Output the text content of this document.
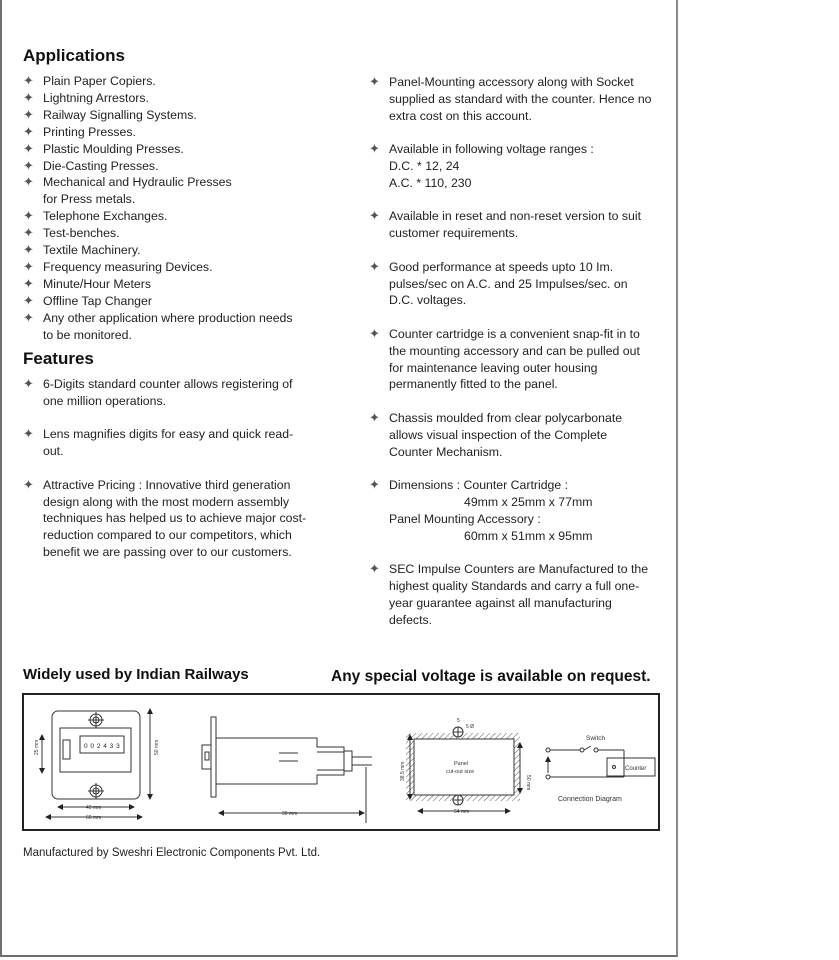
Applications
✦ Plain Paper Copiers.
✦ Lightning Arrestors.
✦ Railway Signalling Systems.
✦ Printing Presses.
✦ Plastic Moulding Presses.
✦ Die-Casting Presses.
✦ Mechanical and Hydraulic Presses
for Press metals.
✦ Telephone Exchanges.
✦ Test-benches.
✦ Textile Machinery.
✦ Frequency measuring Devices.
✦ Minute/Hour Meters
✦ Offline Tap Changer
✦ Any other application where production needs
to be monitored.
Features
✦ 6-Digits standard counter allows registering of
one million operations.
✦ Lens magnifies digits for easy and quick read-
out.
✦ Attractive Pricing : Innovative third generation
design along with the most modern assembly
techniques has helped us to achieve major cost-
reduction compared to our competitors, which
benefit we are passing over to our customers.
✦ Panel-Mounting accessory along with Socket
supplied as standard with the counter. Hence no
extra cost on this account.
✦ Available in following voltage ranges :
D.C. * 12, 24
A.C. * 110, 230
✦ Available in reset and non-reset version to suit
customer requirements.
✦ Good performance at speeds upto 10 Im.
pulses/sec on A.C. and 25 Impulses/sec. on
D.C. voltages.
✦ Counter cartridge is a convenient snap-fit in to
the mounting accessory and can be pulled out
for maintenance leaving outer housing
permanently fitted to the panel.
✦ Chassis moulded from clear polycarbonate
allows visual inspection of the Complete
Counter Mechanism.
✦ Dimensions : Counter Cartridge :
49mm x 25mm x 77mm
Panel Mounting Accessory :
60mm x 51mm x 95mm
✦ SEC Impulse Counters are Manufactured to the
highest quality Standards and carry a full one-
year guarantee against all manufacturing
defects.
Widely used by Indian Railways	Any special voltage is available on request.
0 0 2 4 3 3
25 mm	50 mm
49 mm
60 mm
90 mm
Panel
cut-out size
5
5 Ø
38.5 mm
50 mm
54 mm
Switch
Counter
Connection Diagram
Manufactured by Sweshri Electronic Components Pvt. Ltd.
